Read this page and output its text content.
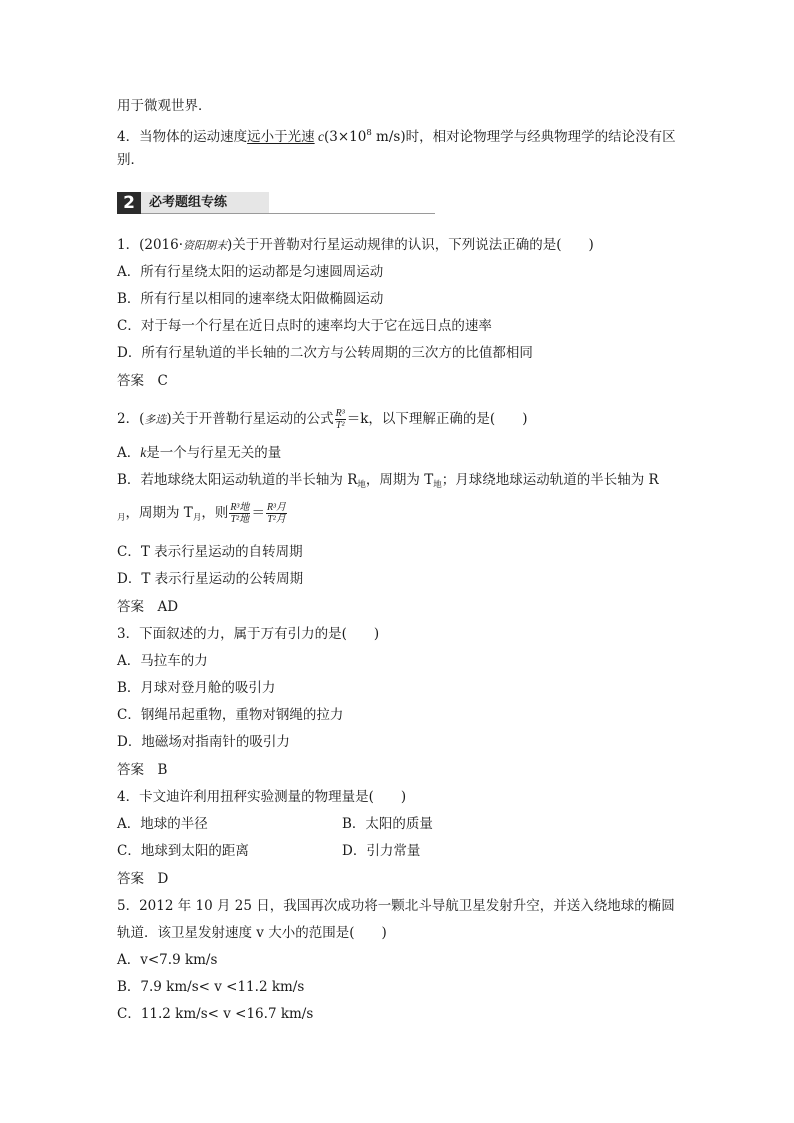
用于微观世界．
4．当物体的运动速度远小于光速 $c(3\times 10^8$ m/s)时，相对论物理学与经典物理学的结论没有区
别．
2	必考题组专练
1．(2016·资阳期末)关于开普勒对行星运动规律的认识，下列说法正确的是(　　)
A．所有行星绕太阳的运动都是匀速圆周运动
B．所有行星以相同的速率绕太阳做椭圆运动
C．对于每一个行星在近日点时的速率均大于它在远日点的速率
D．所有行星轨道的半长轴的二次方与公转周期的三次方的比值都相同
答案　C
2．(多选)关于开普勒行星运动的公式 $\frac{\text{R³}}{\text{T²}} =k$，以下理解正确的是(　　)
A．k是一个与行星无关的量
B．若地球绕太阳运动轨道的半长轴为 $R_地$，周期为 $T_地$；月球绕地球运动轨道的半长轴为 R
$_月$，周期为 $T_月$，则 $\frac{\text{R³地}}{\text{T²地}} = \frac{\text{R³月}}{\text{T²月}}$
C．T 表示行星运动的自转周期
D．T 表示行星运动的公转周期
答案　AD
3．下面叙述的力，属于万有引力的是(　　)
A．马拉车的力
B．月球对登月舱的吸引力
C．钢绳吊起重物，重物对钢绳的拉力
D．地磁场对指南针的吸引力
答案　B
4．卡文迪许利用扭秤实验测量的物理量是(　　)
A．地球的半径	B．太阳的质量
C．地球到太阳的距离	D．引力常量
答案　D
5．2012 年 10 月 25 日，我国再次成功将一颗北斗导航卫星发射升空，并送入绕地球的椭圆
轨道．该卫星发射速度 v 大小的范围是(　　)
A．v<7.9 km/s
B．7.9 km/s< v <11.2 km/s
C．11.2 km/s< v <16.7 km/s
